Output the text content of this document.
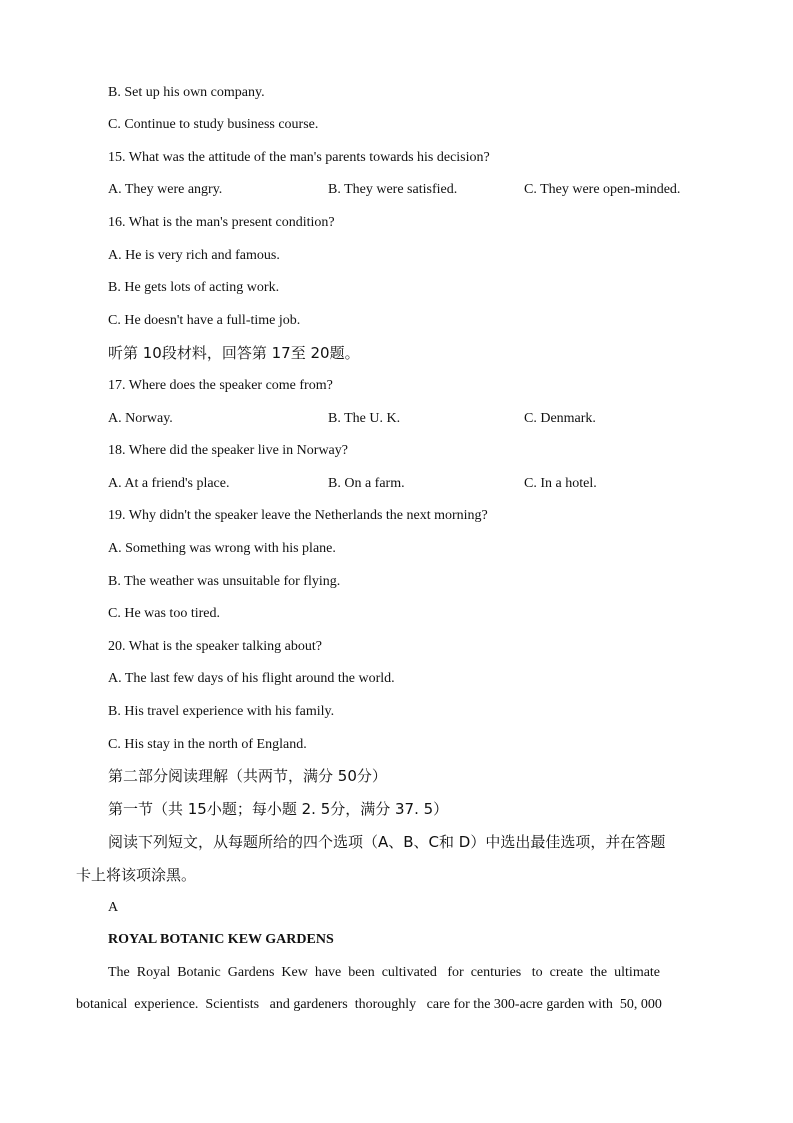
B. Set up his own company.
C. Continue to study business course.
15. What was the attitude of the man's parents towards his decision?
A. They were angry.	B. They were satisfied.	C. They were open-minded.
16. What is the man's present condition?
A. He is very rich and famous.
B. He gets lots of acting work.
C. He doesn't have a full-time job.
听第 10段材料，回答第 17至 20题。
17. Where does the speaker come from?
A. Norway.	B. The U. K.	C. Denmark.
18. Where did the speaker live in Norway?
A. At a friend's place.	B. On a farm.	C. In a hotel.
19. Why didn't the speaker leave the Netherlands the next morning?
A. Something was wrong with his plane.
B. The weather was unsuitable for flying.
C. He was too tired.
20. What is the speaker talking about?
A. The last few days of his flight around the world.
B. His travel experience with his family.
C. His stay in the north of England.
第二部分阅读理解（共两节，满分 50分）
第一节（共 15小题；每小题 2. 5分，满分 37. 5）
阅读下列短文，从每题所给的四个选项（A、B、C和 D）中选出最佳选项，并在答题
卡上将该项涂黑。
A
ROYAL BOTANIC KEW GARDENS
The  Royal  Botanic  Gardens  Kew  have  been  cultivated   for  centuries   to  create  the  ultimate
botanical  experience.  Scientists   and gardeners  thoroughly   care for the 300-acre garden with  50, 000
